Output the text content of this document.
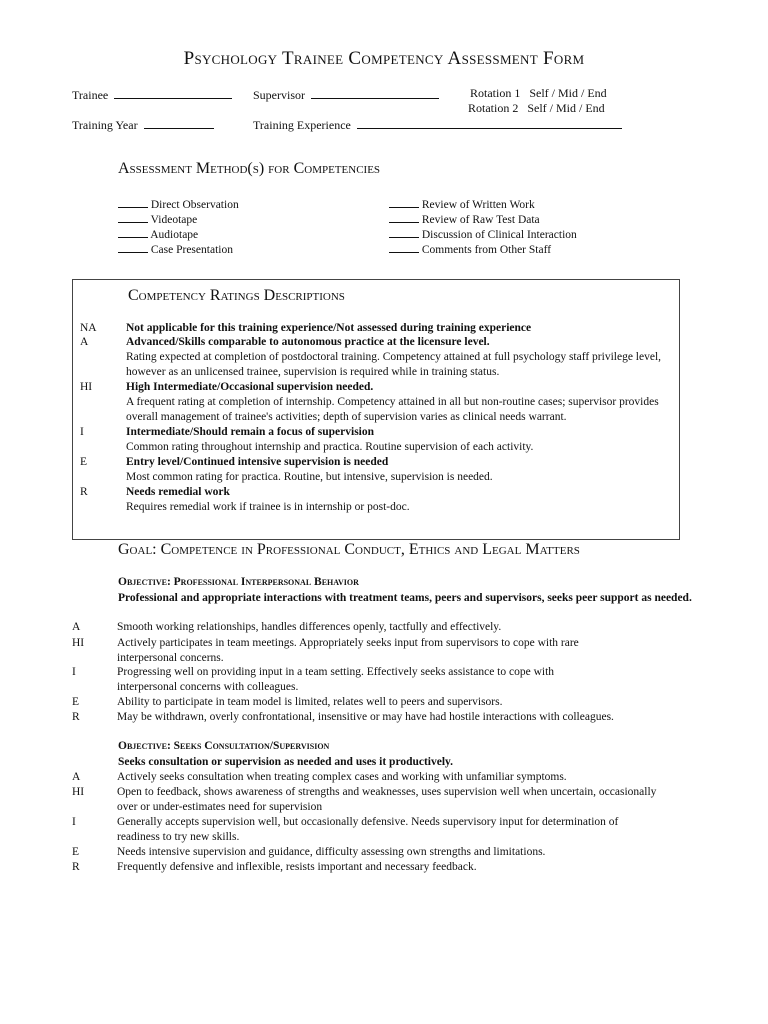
Psychology Trainee Competency Assessment Form
Trainee	Supervisor	Rotation 1 Self / Mid / End
Rotation 2 Self / Mid / End
Training Year	Training Experience
Assessment Method(s) for Competencies
Direct Observation
Videotape
Audiotape
Case Presentation
Review of Written Work
Review of Raw Test Data
Discussion of Clinical Interaction
Comments from Other Staff
Competency Ratings Descriptions
NA	Not applicable for this training experience/Not assessed during training experience
A	Advanced/Skills comparable to autonomous practice at the licensure level.
Rating expected at completion of postdoctoral training. Competency attained at full psychology staff privilege level, however as an unlicensed trainee, supervision is required while in training status.
HI	High Intermediate/Occasional supervision needed.
A frequent rating at completion of internship. Competency attained in all but non-routine cases; supervisor provides overall management of trainee's activities; depth of supervision varies as clinical needs warrant.
I	Intermediate/Should remain a focus of supervision
Common rating throughout internship and practica. Routine supervision of each activity.
E	Entry level/Continued intensive supervision is needed
Most common rating for practica. Routine, but intensive, supervision is needed.
R	Needs remedial work
Requires remedial work if trainee is in internship or post-doc.
Goal: Competence in Professional Conduct, Ethics and Legal Matters
Objective: Professional Interpersonal Behavior
Professional and appropriate interactions with treatment teams, peers and supervisors, seeks peer support as needed.
A	Smooth working relationships, handles differences openly, tactfully and effectively.
HI	Actively participates in team meetings. Appropriately seeks input from supervisors to cope with rare interpersonal concerns.
I	Progressing well on providing input in a team setting. Effectively seeks assistance to cope with interpersonal concerns with colleagues.
E	Ability to participate in team model is limited, relates well to peers and supervisors.
R	May be withdrawn, overly confrontational, insensitive or may have had hostile interactions with colleagues.
Objective: Seeks Consultation/Supervision
Seeks consultation or supervision as needed and uses it productively.
A	Actively seeks consultation when treating complex cases and working with unfamiliar symptoms.
HI	Open to feedback, shows awareness of strengths and weaknesses, uses supervision well when uncertain, occasionally over or under-estimates need for supervision
I	Generally accepts supervision well, but occasionally defensive. Needs supervisory input for determination of readiness to try new skills.
E	Needs intensive supervision and guidance, difficulty assessing own strengths and limitations.
R	Frequently defensive and inflexible, resists important and necessary feedback.
